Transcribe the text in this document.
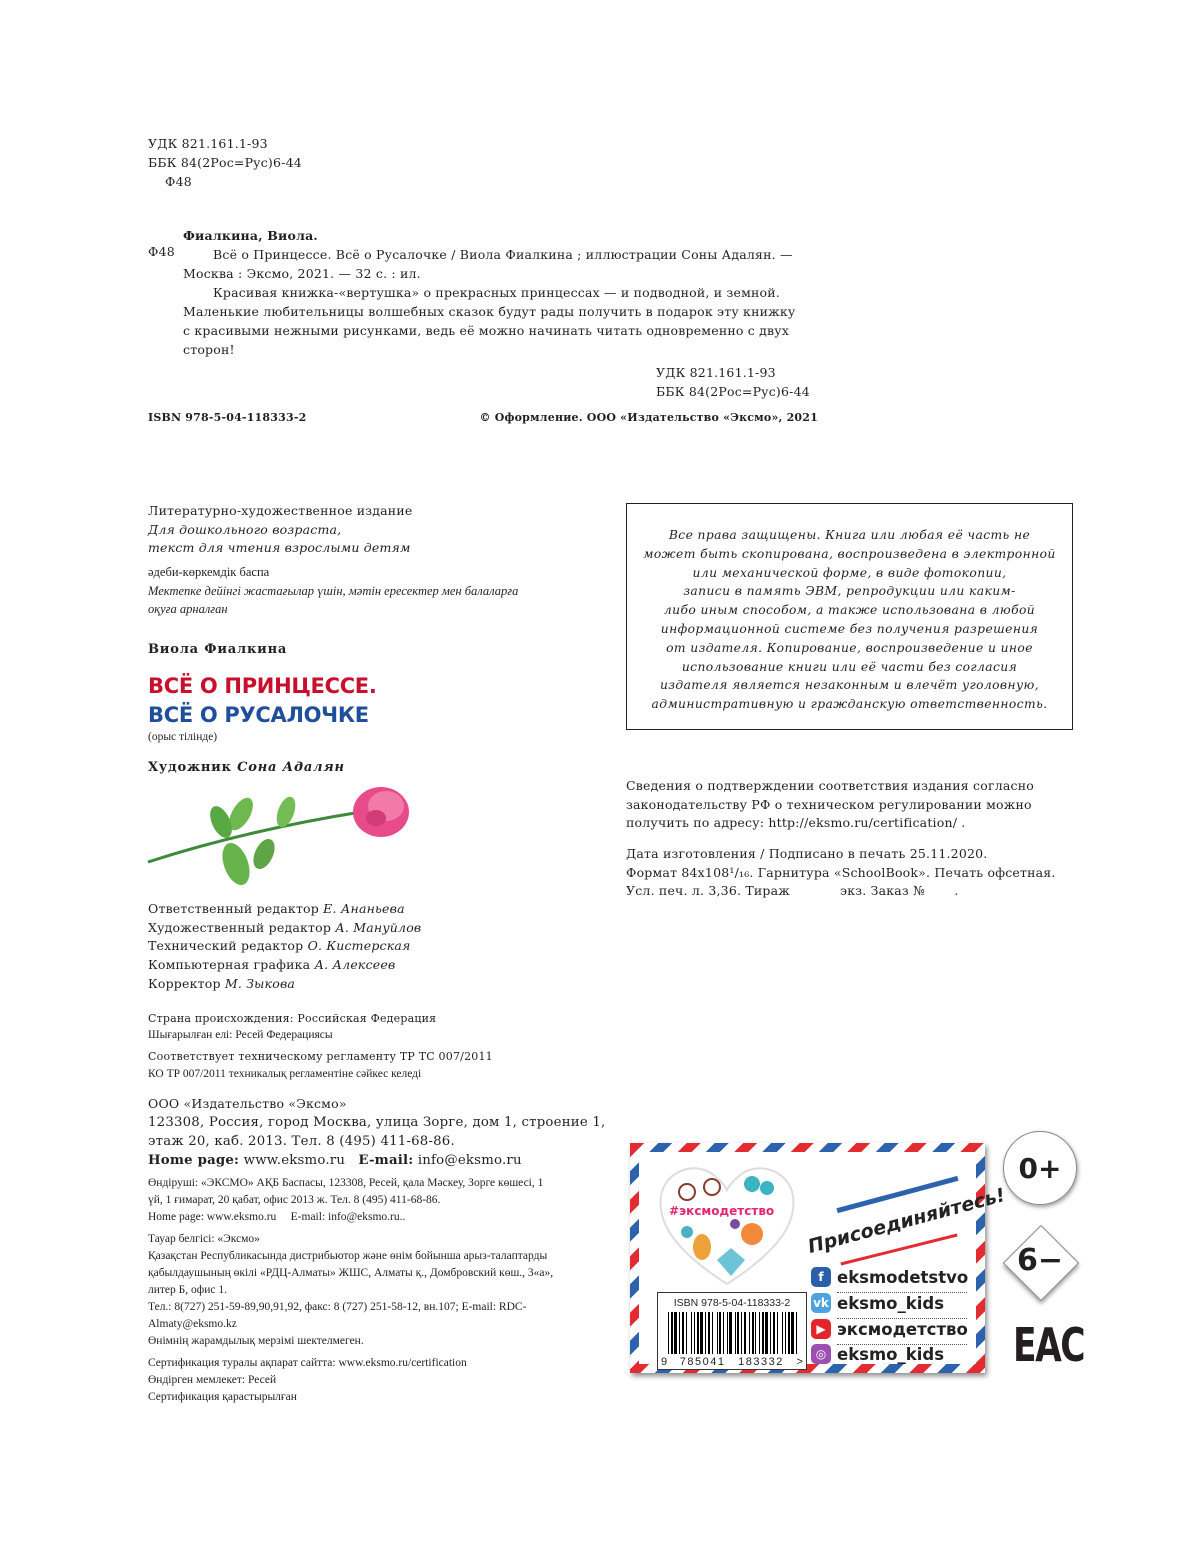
УДК 821.161.1-93
ББК 84(2Рос=Рус)6-44
Ф48
Фиалкина, Виола.
Ф48	Всё о Принцессе. Всё о Русалочке / Виола Фиалкина ; иллюстрации Соны Адалян. —
Москва : Эксмо, 2021. — 32 с. : ил.
Красивая книжка-«вертушка» о прекрасных принцессах — и подводной, и земной.
Маленькие любительницы волшебных сказок будут рады получить в подарок эту книжку
с красивыми нежными рисунками, ведь её можно начинать читать одновременно с двух
сторон!
УДК 821.161.1-93
ББК 84(2Рос=Рус)6-44
ISBN 978-5-04-118333-2	© Оформление. ООО «Издательство «Эксмо», 2021
Литературно-художественное издание
Для дошкольного возраста,
текст для чтения взрослыми детям
әдеби-көркемдік баспа
Мектепке дейінгі жастағылар үшін, мәтін ересектер мен балаларға
оқуға арналған
Виола Фиалкина
ВСЁ О ПРИНЦЕССЕ.
ВСЁ О РУСАЛОЧКЕ
(орыс тілінде)
Художник Сона Адалян
Ответственный редактор Е. Ананьева
Художественный редактор А. Мануйлов
Технический редактор О. Кистерская
Компьютерная графика А. Алексеев
Корректор М. Зыкова
Страна происхождения: Российская Федерация
Шығарылған елі: Ресей Федерациясы
Соответствует техническому регламенту ТР ТС 007/2011
КО ТР 007/2011 техникалық регламентіне сәйкес келеді
ООО «Издательство «Эксмо»
123308, Россия, город Москва, улица Зорге, дом 1, строение 1,
этаж 20, каб. 2013. Тел. 8 (495) 411-68-86.
Home page: www.eksmo.ru E-mail: info@eksmo.ru
Өндіруші: «ЭКСМО» АҚБ Баспасы, 123308, Ресей, қала Мәскеу, Зорге көшесі, 1
үй, 1 ғимарат, 20 қабат, офис 2013 ж. Тел. 8 (495) 411-68-86.
Home page: www.eksmo.ru     E-mail: info@eksmo.ru..
Тауар белгісі: «Эксмо»
Қазақстан Республикасында дистрибьютор және өнім бойынша арыз-талаптарды
қабылдаушының өкілі «РДЦ-Алматы» ЖШС, Алматы қ., Домбровский көш., 3«а»,
литер Б, офис 1.
Тел.: 8(727) 251-59-89,90,91,92, факс: 8 (727) 251-58-12, вн.107; E-mail: RDC-
Almaty@eksmo.kz
Өнімнің жарамдылық мерзімі шектелмеген.
Сертификация туралы ақпарат сайтта: www.eksmo.ru/certification
Өндірген мемлекет: Ресей
Сертификация қарастырылған
Все права защищены. Книга или любая её часть не
может быть скопирована, воспроизведена в электронной
или механической форме, в виде фотокопии,
записи в память ЭВМ, репродукции или каким-
либо иным способом, а также использована в любой
информационной системе без получения разрешения
от издателя. Копирование, воспроизведение и иное
использование книги или её части без согласия
издателя является незаконным и влечёт уголовную,
административную и гражданскую ответственность.
Сведения о подтверждении соответствия издания согласно
законодательству РФ о техническом регулировании можно
получить по адресу: http://eksmo.ru/certification/ .
Дата изготовления / Подписано в печать 25.11.2020.
Формат 84x108¹/₁₆. Гарнитура «SchoolBook». Печать офсетная.
Усл. печ. л. 3,36. Тираж            экз. Заказ №       .
#эксмодетство Присоединяйтесь!
f eksmodetstvo
vk eksmo_kids
▶ эксмодетство
◎ eksmo_kids
ISBN 978-5-04-118333-2
9 785041 183332 >
0+
6−
EAC
